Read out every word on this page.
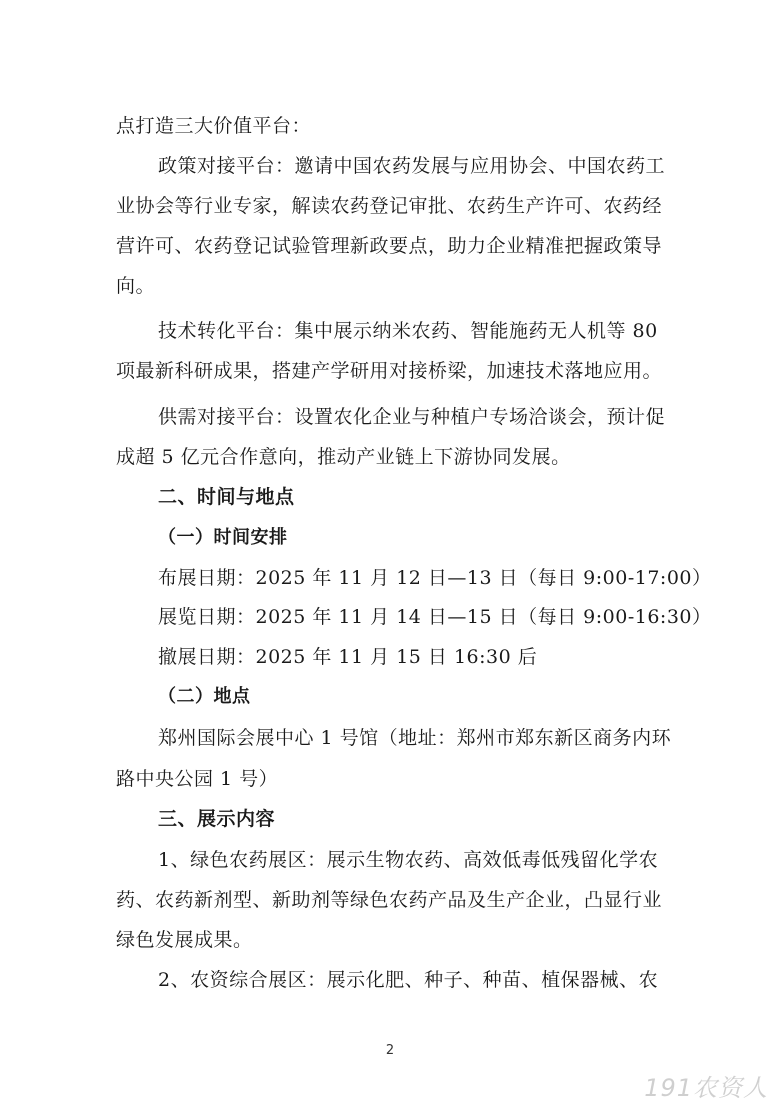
点打造三大价值平台：
政策对接平台：邀请中国农药发展与应用协会、中国农药工
业协会等行业专家，解读农药登记审批、农药生产许可、农药经
营许可、农药登记试验管理新政要点，助力企业精准把握政策导
向。
技术转化平台：集中展示纳米农药、智能施药无人机等 80
项最新科研成果，搭建产学研用对接桥梁，加速技术落地应用。
供需对接平台：设置农化企业与种植户专场洽谈会，预计促
成超 5 亿元合作意向，推动产业链上下游协同发展。
二、时间与地点
（一）时间安排
布展日期：2025 年 11 月 12 日—13 日（每日 9:00-17:00）
展览日期：2025 年 11 月 14 日—15 日（每日 9:00-16:30）
撤展日期：2025 年 11 月 15 日 16:30 后
（二）地点
郑州国际会展中心 1 号馆（地址：郑州市郑东新区商务内环
路中央公园 1 号）
三、展示内容
1、绿色农药展区：展示生物农药、高效低毒低残留化学农
药、农药新剂型、新助剂等绿色农药产品及生产企业，凸显行业
绿色发展成果。
2、农资综合展区：展示化肥、种子、种苗、植保器械、农
2
191农资人
